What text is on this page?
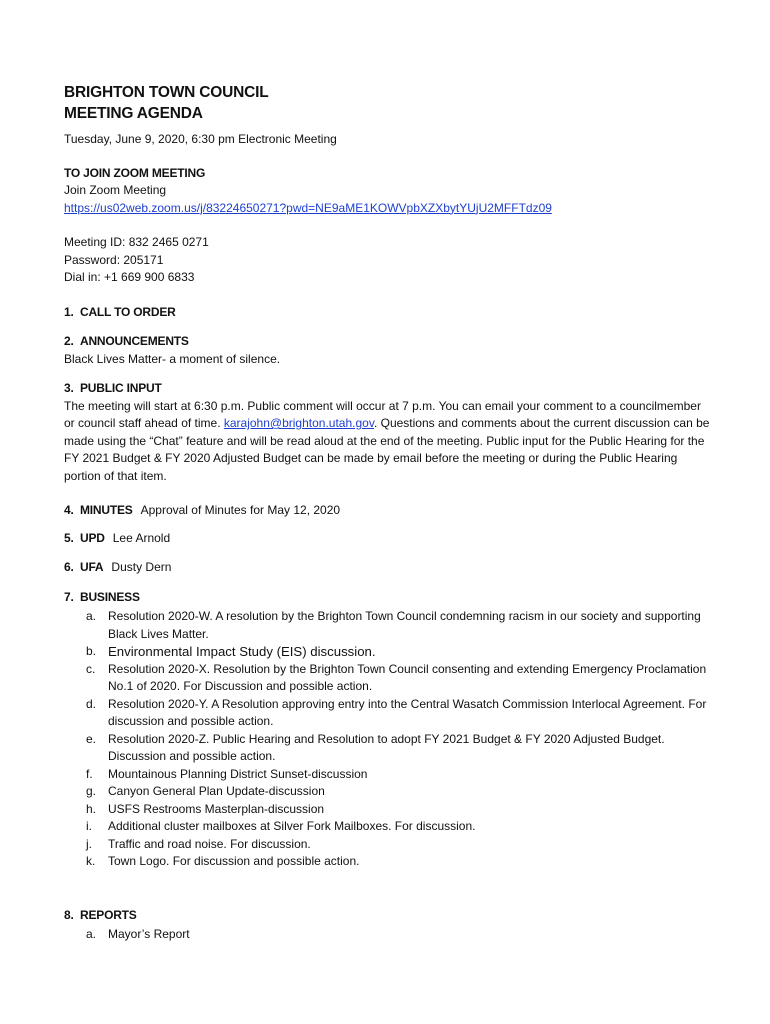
BRIGHTON TOWN COUNCIL
MEETING AGENDA
Tuesday, June 9, 2020, 6:30 pm Electronic Meeting
TO JOIN ZOOM MEETING
Join Zoom Meeting
https://us02web.zoom.us/j/83224650271?pwd=NE9aME1KOWVpbXZXbytYUjU2MFFTdz09
Meeting ID: 832 2465 0271
Password: 205171
Dial in: +1 669 900 6833
1. CALL TO ORDER
2. ANNOUNCEMENTS
Black Lives Matter- a moment of silence.
3. PUBLIC INPUT
The meeting will start at 6:30 p.m. Public comment will occur at 7 p.m. You can email your comment to a councilmember or council staff ahead of time. karajohn@brighton.utah.gov. Questions and comments about the current discussion can be made using the “Chat” feature and will be read aloud at the end of the meeting. Public input for the Public Hearing for the FY 2021 Budget & FY 2020 Adjusted Budget can be made by email before the meeting or during the Public Hearing portion of that item.
4. MINUTES Approval of Minutes for May 12, 2020
5. UPD Lee Arnold
6. UFA Dusty Dern
7. BUSINESS
a. Resolution 2020-W. A resolution by the Brighton Town Council condemning racism in our society and supporting Black Lives Matter.
b. Environmental Impact Study (EIS) discussion.
c.	Resolution 2020-X. Resolution by the Brighton Town Council consenting and extending Emergency Proclamation No.1 of 2020. For Discussion and possible action.
d. Resolution 2020-Y. A Resolution approving entry into the Central Wasatch Commission Interlocal Agreement. For discussion and possible action.
e. Resolution 2020-Z. Public Hearing and Resolution to adopt FY 2021 Budget & FY 2020 Adjusted Budget. Discussion and possible action.
f.	Mountainous Planning District Sunset-discussion
g. Canyon General Plan Update-discussion
h. USFS Restrooms Masterplan-discussion
i.	Additional cluster mailboxes at Silver Fork Mailboxes. For discussion.
j.	Traffic and road noise. For discussion.
k.	Town Logo. For discussion and possible action.
8. REPORTS
a. Mayor’s Report
